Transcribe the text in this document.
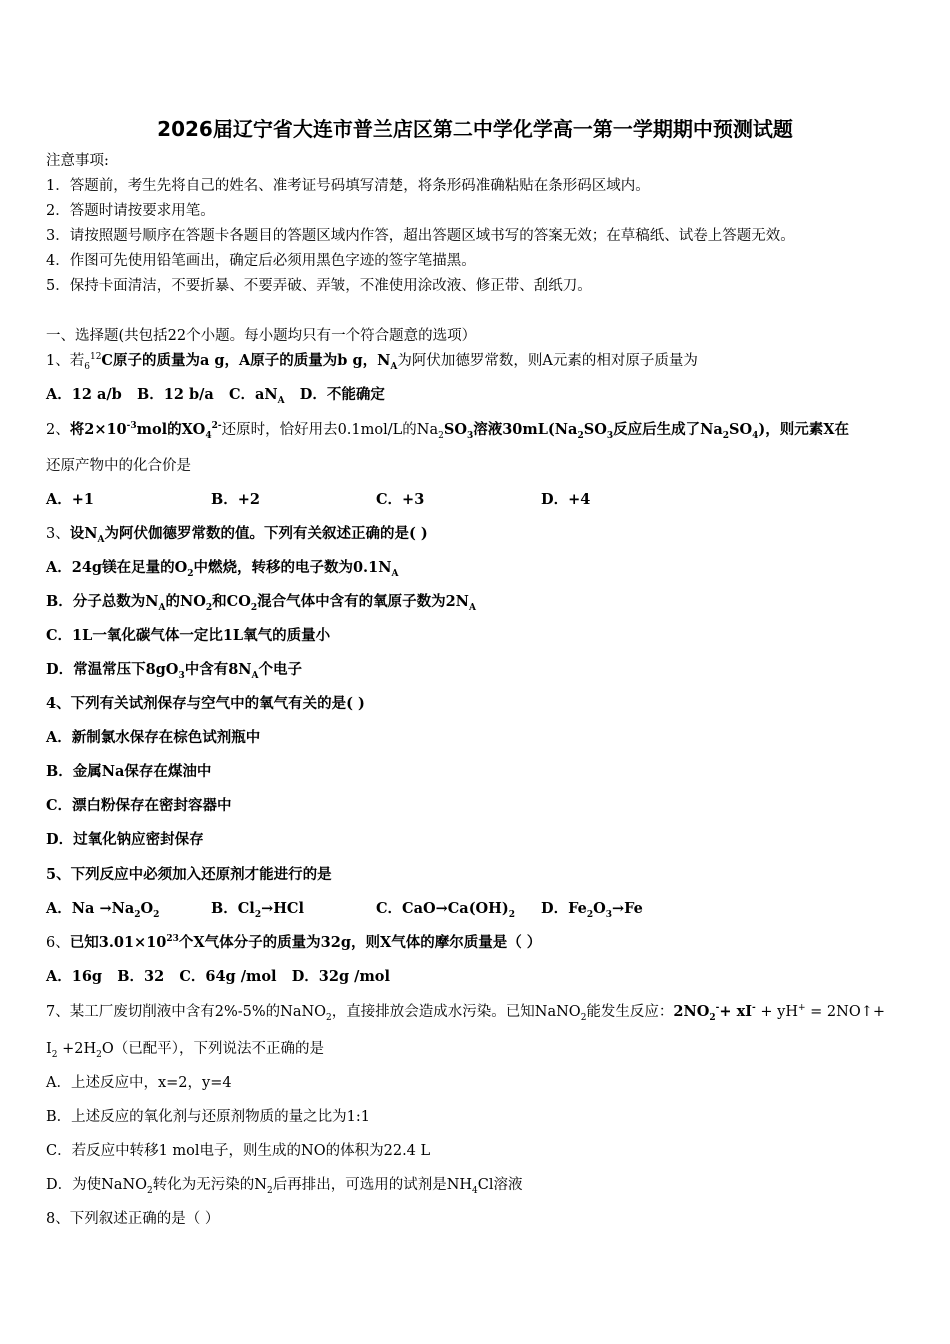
2026届辽宁省大连市普兰店区第二中学化学高一第一学期期中预测试题
注意事项:
1．答题前，考生先将自己的姓名、准考证号码填写清楚，将条形码准确粘贴在条形码区域内。
2．答题时请按要求用笔。
3．请按照题号顺序在答题卡各题目的答题区域内作答，超出答题区域书写的答案无效；在草稿纸、试卷上答题无效。
4．作图可先使用铅笔画出，确定后必须用黑色字迹的签字笔描黑。
5．保持卡面清洁，不要折暴、不要弄破、弄皱，不准使用涂改液、修正带、刮纸刀。
一、选择题(共包括22个小题。每小题均只有一个符合题意的选项）
1、若$_6^{12}$C原子的质量为a g，A原子的质量为b g，$N_A$为阿伏加德罗常数，则A元素的相对原子质量为
A．12 a/b B．12 b/a C．$aN_A$ D．不能确定
2、将$2\times 10^{-3}mol$的$XO_4^{2-}$还原时，恰好用去0.1mol/L的$Na_2SO_3$溶液$30mL(Na_2SO_3$反应后生成了$Na_2SO_4$)，则元素X在
还原产物中的化合价是
A．+1	B．+2	C．+3	D．+4
3、设$N_A$为阿伏伽德罗常数的值。下列有关叙述正确的是( )
A．24g镁在足量的$O_2$中燃烧，转移的电子数为$0.1N_A$
B．分子总数为$N_A$的$NO_2$和$CO_2$混合气体中含有的氧原子数为$2N_A$
C．1L一氧化碳气体一定比1L氧气的质量小
D．常温常压下$8gO_3$中含有$8N_A$个电子
4、下列有关试剂保存与空气中的氧气有关的是( )
A．新制氯水保存在棕色试剂瓶中
B．金属Na保存在煤油中
C．漂白粉保存在密封容器中
D．过氧化钠应密封保存
5、下列反应中必须加入还原剂才能进行的是
A．$Na \to Na_2O_2$	B．$Cl_2\to HCl$	C．$CaO\to Ca(OH)_2$ D．$Fe_2O_3\to Fe$
6、已知$3.01\times 10^{23}$个X气体分子的质量为32g，则X气体的摩尔质量是（ ）
A．16g B．32 C．64g /mol D．32g /mol
7、某工厂废切削液中含有2%-5%的NaNO$_2$，直接排放会造成水污染。已知NaNO$_2$能发生反应：$2NO_2^-+ xI^- + yH^+$ = 2NO↑+
$I_2 +2H_2O$（已配平），下列说法不正确的是
A．上述反应中，x=2，y=4
B．上述反应的氧化剂与还原剂物质的量之比为1:1
C．若反应中转移1 mol电子，则生成的NO的体积为22.4 L
D．为使NaNO$_2$转化为无污染的$N_2$后再排出，可选用的试剂是$NH_4Cl$溶液
8、下列叙述正确的是（ ）
